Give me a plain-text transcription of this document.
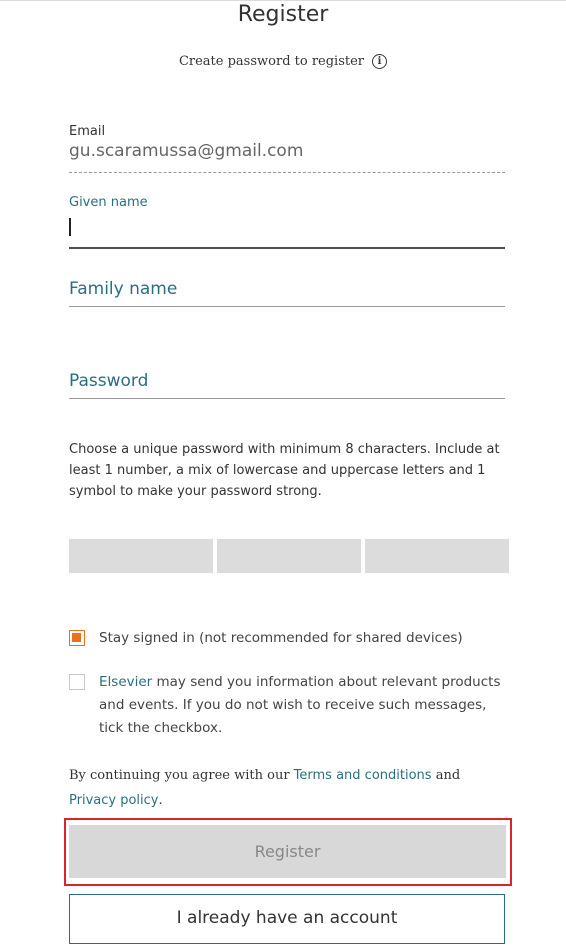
Register
Create password to register i
Email
gu.scaramussa@gmail.com
Given name
Family name
Password
Choose a unique password with minimum 8 characters. Include at least 1 number, a mix of lowercase and uppercase letters and 1 symbol to make your password strong.
Stay signed in (not recommended for shared devices)
Elsevier may send you information about relevant products and events. If you do not wish to receive such messages, tick the checkbox.
By continuing you agree with our Terms and conditions and
Privacy policy.
Register
I already have an account
